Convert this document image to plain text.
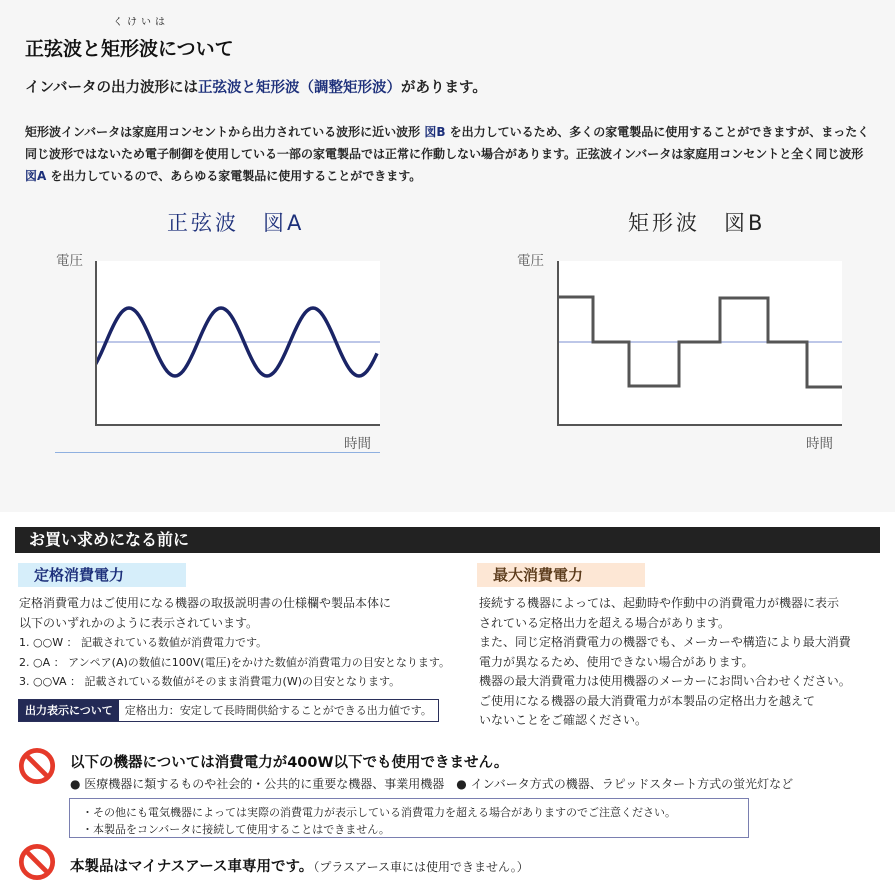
くけいは
正弦波と矩形波について
インバータの出力波形には正弦波と矩形波（調整矩形波）があります。
矩形波インバータは家庭用コンセントから出力されている波形に近い波形 図B を出力しているため、多くの家電製品に使用することができますが、まったく同じ波形ではないため電子制御を使用している一部の家電製品では正常に作動しない場合があります。正弦波インバータは家庭用コンセントと全く同じ波形 図A を出力しているので、あらゆる家電製品に使用することができます。
正弦波　図A
電圧
時間
矩形波　図B
電圧
時間
お買い求めになる前に
定格消費電力
定格消費電力はご使用になる機器の取扱説明書の仕様欄や製品本体に
以下のいずれかのように表示されています。
1. ○○W ： 記載されている数値が消費電力です。
2. ○A ： アンペア(A)の数値に100V(電圧)をかけた数値が消費電力の目安となります。
3. ○○VA ： 記載されている数値がそのまま消費電力(W)の目安となります。
出力表示について	定格出力：安定して長時間供給することができる出力値です。
最大消費電力
接続する機器によっては、起動時や作動中の消費電力が機器に表示
されている定格出力を超える場合があります。
また、同じ定格消費電力の機器でも、メーカーや構造により最大消費
電力が異なるため、使用できない場合があります。
機器の最大消費電力は使用機器のメーカーにお問い合わせください。
ご使用になる機器の最大消費電力が本製品の定格出力を越えて
いないことをご確認ください。
以下の機器については消費電力が400W以下でも使用できません。
● 医療機器に類するものや社会的・公共的に重要な機器、事業用機器　● インバータ方式の機器、ラピッドスタート方式の蛍光灯など
・その他にも電気機器によっては実際の消費電力が表示している消費電力を超える場合がありますのでご注意ください。
・本製品をコンバータに接続して使用することはできません。
本製品はマイナスアース車専用です。（プラスアース車には使用できません。）
